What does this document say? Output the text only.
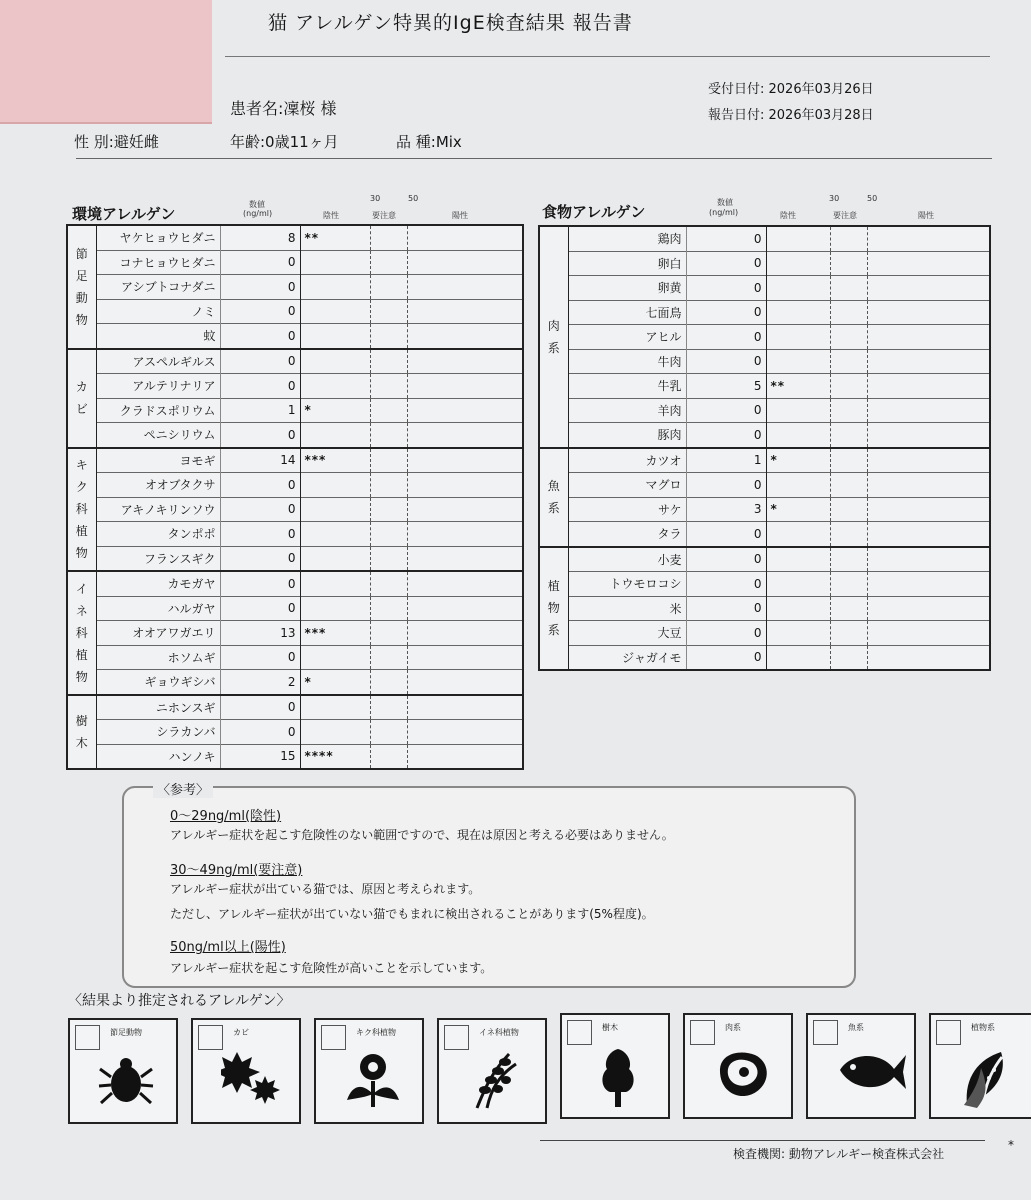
猫 アレルゲン特異的IgE検査結果 報告書
受付日付: 2026年03月26日
報告日付: 2026年03月28日
患者名:凜桜 様
性 別:避妊雌	年齢:0歳11ヶ月	品 種:Mix
環境アレルゲン
数値
(ng/ml)	陰性
30
要注意
50
陽性
節足動物	ヤケヒョウヒダニ	8	**		
	コナヒョウヒダニ	0			
	アシブトコナダニ	0			
	ノミ	0			
	蚊	0			
カビ	アスペルギルス	0			
	アルテリナリア	0			
	クラドスポリウム	1	*		
	ペニシリウム	0			
キク科植物	ヨモギ	14	***		
	オオブタクサ	0			
	アキノキリンソウ	0			
	タンポポ	0			
	フランスギク	0			
イネ科植物	カモガヤ	0			
	ハルガヤ	0			
	オオアワガエリ	13	***		
	ホソムギ	0			
	ギョウギシバ	2	*		
樹木	ニホンスギ	0			
	シラカンバ	0			
	ハンノキ	15	****		
食物アレルゲン
数値
(ng/ml)	陰性
30
要注意
50
陽性
肉系	鶏肉	0			
	卵白	0			
	卵黄	0			
	七面鳥	0			
	アヒル	0			
	牛肉	0			
	牛乳	5	**		
	羊肉	0			
	豚肉	0			
魚系	カツオ	1	*		
	マグロ	0			
	サケ	3	*		
	タラ	0			
植物系	小麦	0			
	トウモロコシ	0			
	米	0			
	大豆	0			
	ジャガイモ	0			
〈参考〉
0〜29ng/ml(陰性)
アレルギー症状を起こす危険性のない範囲ですので、現在は原因と考える必要はありません。
30〜49ng/ml(要注意)
アレルギー症状が出ている猫では、原因と考えられます。
ただし、アレルギー症状が出ていない猫でもまれに検出されることがあります(5%程度)。
50ng/ml以上(陽性)
アレルギー症状を起こす危険性が高いことを示しています。
〈結果より推定されるアレルゲン〉
節足動物	カビ	キク科植物	イネ科植物
樹木	肉系	魚系	植物系
検査機関: 動物アレルギー検査株式会社
*
